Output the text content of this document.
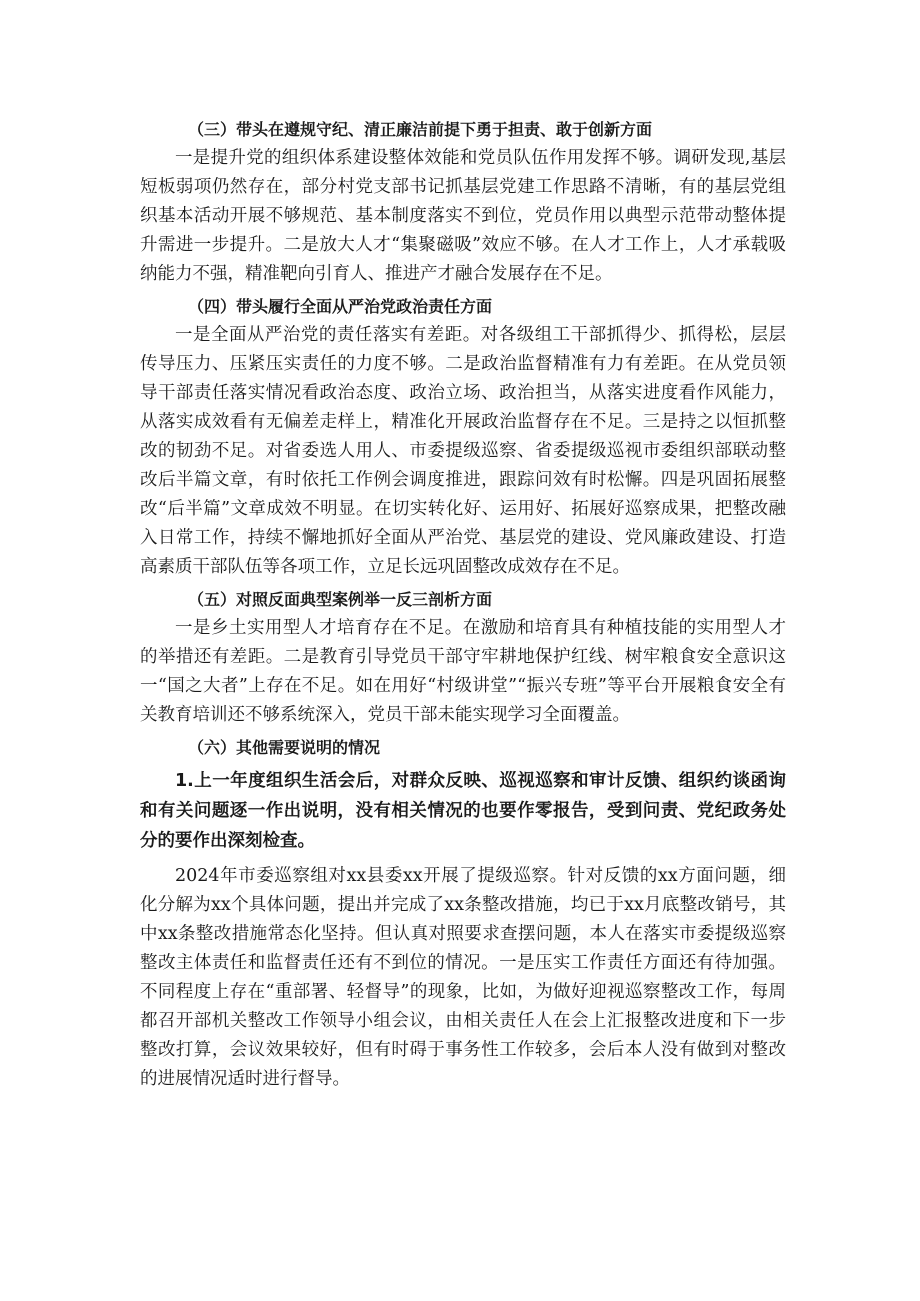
（三）带头在遵规守纪、清正廉洁前提下勇于担责、敢于创新方面

一是提升党的组织体系建设整体效能和党员队伍作用发挥不够。调研发现,基层短板弱项仍然存在，部分村党支部书记抓基层党建工作思路不清晰，有的基层党组织基本活动开展不够规范、基本制度落实不到位，党员作用以典型示范带动整体提升需进一步提升。二是放大人才“集聚磁吸”效应不够。在人才工作上，人才承载吸纳能力不强，精准靶向引育人、推进产才融合发展存在不足。

（四）带头履行全面从严治党政治责任方面

一是全面从严治党的责任落实有差距。对各级组工干部抓得少、抓得松，层层传导压力、压紧压实责任的力度不够。二是政治监督精准有力有差距。在从党员领导干部责任落实情况看政治态度、政治立场、政治担当，从落实进度看作风能力，从落实成效看有无偏差走样上，精准化开展政治监督存在不足。三是持之以恒抓整改的韧劲不足。对省委选人用人、市委提级巡察、省委提级巡视市委组织部联动整改后半篇文章，有时依托工作例会调度推进，跟踪问效有时松懈。四是巩固拓展整改“后半篇”文章成效不明显。在切实转化好、运用好、拓展好巡察成果，把整改融入日常工作，持续不懈地抓好全面从严治党、基层党的建设、党风廉政建设、打造高素质干部队伍等各项工作，立足长远巩固整改成效存在不足。

（五）对照反面典型案例举一反三剖析方面

一是乡土实用型人才培育存在不足。在激励和培育具有种植技能的实用型人才的举措还有差距。二是教育引导党员干部守牢耕地保护红线、树牢粮食安全意识这一“国之大者”上存在不足。如在用好“村级讲堂”“振兴专班”等平台开展粮食安全有关教育培训还不够系统深入，党员干部未能实现学习全面覆盖。

（六）其他需要说明的情况

1.上一年度组织生活会后，对群众反映、巡视巡察和审计反馈、组织约谈函询和有关问题逐一作出说明，没有相关情况的也要作零报告，受到问责、党纪政务处分的要作出深刻检查。

2024年市委巡察组对xx县委xx开展了提级巡察。针对反馈的xx方面问题，细化分解为xx个具体问题，提出并完成了xx条整改措施，均已于xx月底整改销号，其中xx条整改措施常态化坚持。但认真对照要求查摆问题，本人在落实市委提级巡察整改主体责任和监督责任还有不到位的情况。一是压实工作责任方面还有待加强。不同程度上存在“重部署、轻督导”的现象，比如，为做好迎视巡察整改工作，每周都召开部机关整改工作领导小组会议，由相关责任人在会上汇报整改进度和下一步整改打算，会议效果较好，但有时碍于事务性工作较多，会后本人没有做到对整改的进展情况适时进行督导。
